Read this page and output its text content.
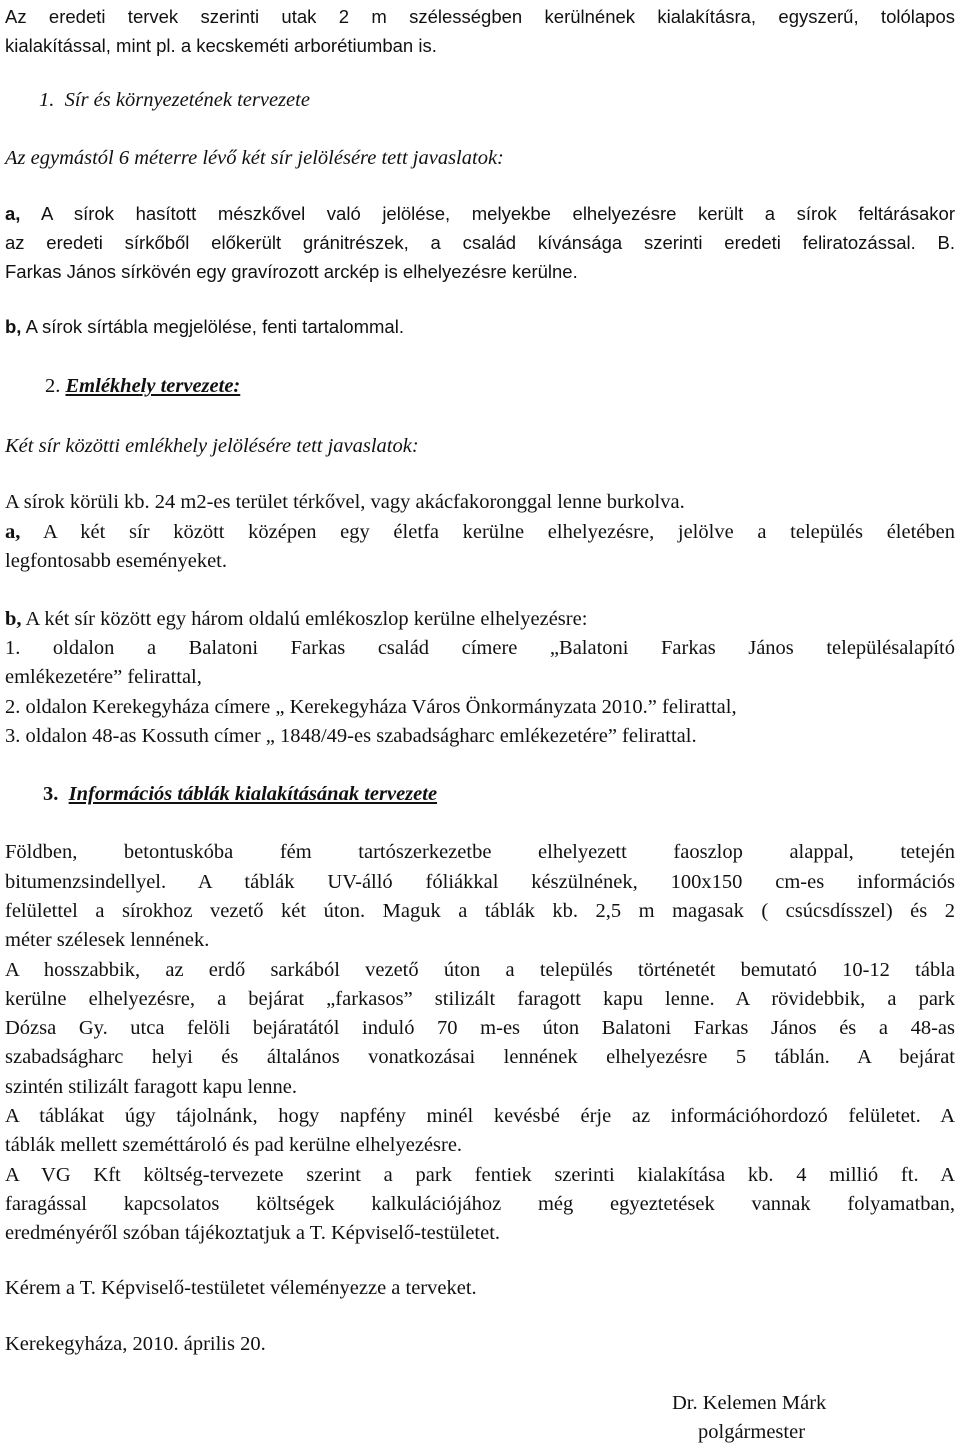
Az eredeti tervek szerinti utak 2 m szélességben kerülnének kialakításra, egyszerű, tolólapos

kialakítással, mint pl. a kecskeméti arborétiumban is.

1. Sír és környezetének tervezete

Az egymástól 6 méterre lévő két sír jelölésére tett javaslatok:

a, A sírok hasított mészkővel való jelölése, melyekbe elhelyezésre került a sírok feltárásakor

az eredeti sírkőből előkerült gránitrészek, a család kívánsága szerinti eredeti feliratozással. B.

Farkas János sírkövén egy gravírozott arckép is elhelyezésre kerülne.

b, A sírok sírtábla megjelölése, fenti tartalommal.

2. Emlékhely tervezete:

Két sír közötti emlékhely jelölésére tett javaslatok:

A sírok körüli kb. 24 m2-es terület térkővel, vagy akácfakoronggal lenne burkolva.

a, A két sír között középen egy életfa kerülne elhelyezésre, jelölve a település életében

legfontosabb eseményeket.

b, A két sír között egy három oldalú emlékoszlop kerülne elhelyezésre:

1. oldalon a Balatoni Farkas család címere „Balatoni Farkas János településalapító

emlékezetére” felirattal,

2. oldalon Kerekegyháza címere „ Kerekegyháza Város Önkormányzata 2010.” felirattal,

3. oldalon 48-as Kossuth címer „ 1848/49-es szabadságharc emlékezetére” felirattal.

3. Információs táblák kialakításának tervezete

Földben, betontuskóba fém tartószerkezetbe elhelyezett faoszlop alappal, tetején

bitumenzsindellyel. A táblák UV-álló fóliákkal készülnének, 100x150 cm-es információs

felülettel a sírokhoz vezető két úton. Maguk a táblák kb. 2,5 m magasak ( csúcsdísszel) és 2

méter szélesek lennének.

A hosszabbik, az erdő sarkából vezető úton a település történetét bemutató 10-12 tábla

kerülne elhelyezésre, a bejárat „farkasos” stilizált faragott kapu lenne. A rövidebbik, a park

Dózsa Gy. utca felöli bejáratától induló 70 m-es úton Balatoni Farkas János és a 48-as

szabadságharc helyi és általános vonatkozásai lennének elhelyezésre 5 táblán. A bejárat

szintén stilizált faragott kapu lenne.

A táblákat úgy tájolnánk, hogy napfény minél kevésbé érje az információhordozó felületet. A

táblák mellett szeméttároló és pad kerülne elhelyezésre.

A VG Kft költség-tervezete szerint a park fentiek szerinti kialakítása kb. 4 millió ft. A

faragással kapcsolatos költségek kalkulációjához még egyeztetések vannak folyamatban,

eredményéről szóban tájékoztatjuk a T. Képviselő-testületet.

Kérem a T. Képviselő-testületet véleményezze a terveket.

Kerekegyháza, 2010. április 20.

Dr. Kelemen Márk

polgármester
